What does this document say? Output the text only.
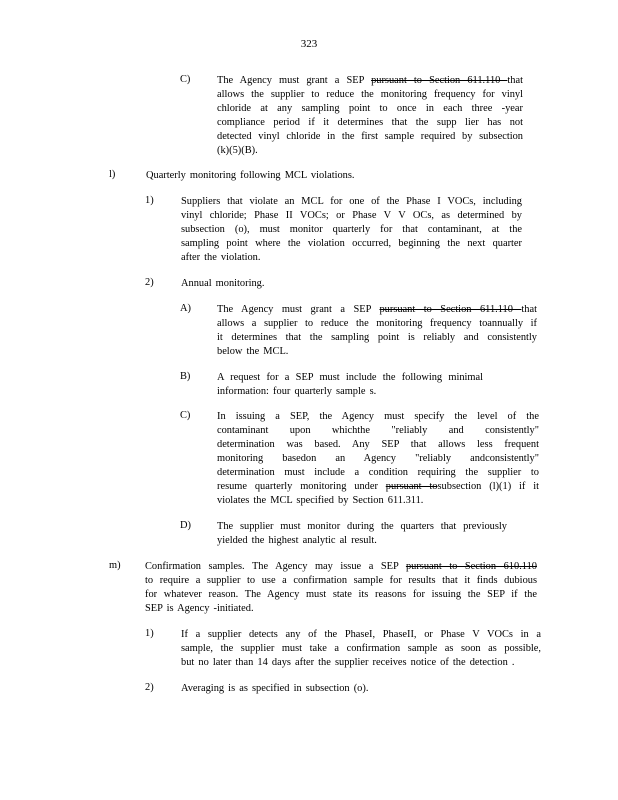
323
C)	The Agency must grant a SEP pursuant to Section 611.110 that
allows the supplier to reduce the monitoring frequency for vinyl
chloride at any sampling point to once in each three -year
compliance period if it determines that the supp lier has not
detected vinyl chloride in the first sample required by subsection
(k)(5)(B).
l)	Quarterly monitoring following MCL violations.
1)	Suppliers that violate an MCL for one of the Phase I VOCs, including
vinyl chloride; Phase II VOCs; or Phase V V OCs, as determined by
subsection (o), must monitor quarterly for that contaminant, at the
sampling point where the violation occurred, beginning the next quarter
after the violation.
2)	Annual monitoring.
A)	The Agency must grant a SEP pursuant to Section 611.110 that
allows a supplier to reduce the monitoring frequency toannually if
it determines that the sampling point is reliably and consistently
below the MCL.
B)	A request for a SEP must include the following minimal
information: four quarterly sample s.
C)	In issuing a SEP, the Agency must specify the level of the
contaminant upon whichthe "reliably and consistently"
determination was based. Any SEP that allows less frequent
monitoring basedon an Agency "reliably andconsistently"
determination must include a condition requiring the supplier to
resume quarterly monitoring under pursuant tosubsection (l)(1) if it
violates the MCL specified by Section 611.311.
D)	The supplier must monitor during the quarters that previously
yielded the highest analytic al result.
m) Confirmation samples. The Agency may issue a SEP pursuant to Section 610.110
to require a supplier to use a confirmation sample for results that it finds dubious
for whatever reason. The Agency must state its reasons for issuing the SEP if the
SEP is Agency -initiated.
1)	If a supplier detects any of the PhaseI, PhaseII, or Phase V VOCs in a
sample, the supplier must take a confirmation sample as soon as possible,
but no later than 14 days after the supplier receives notice of the detection .
2)	Averaging is as specified in subsection (o).
